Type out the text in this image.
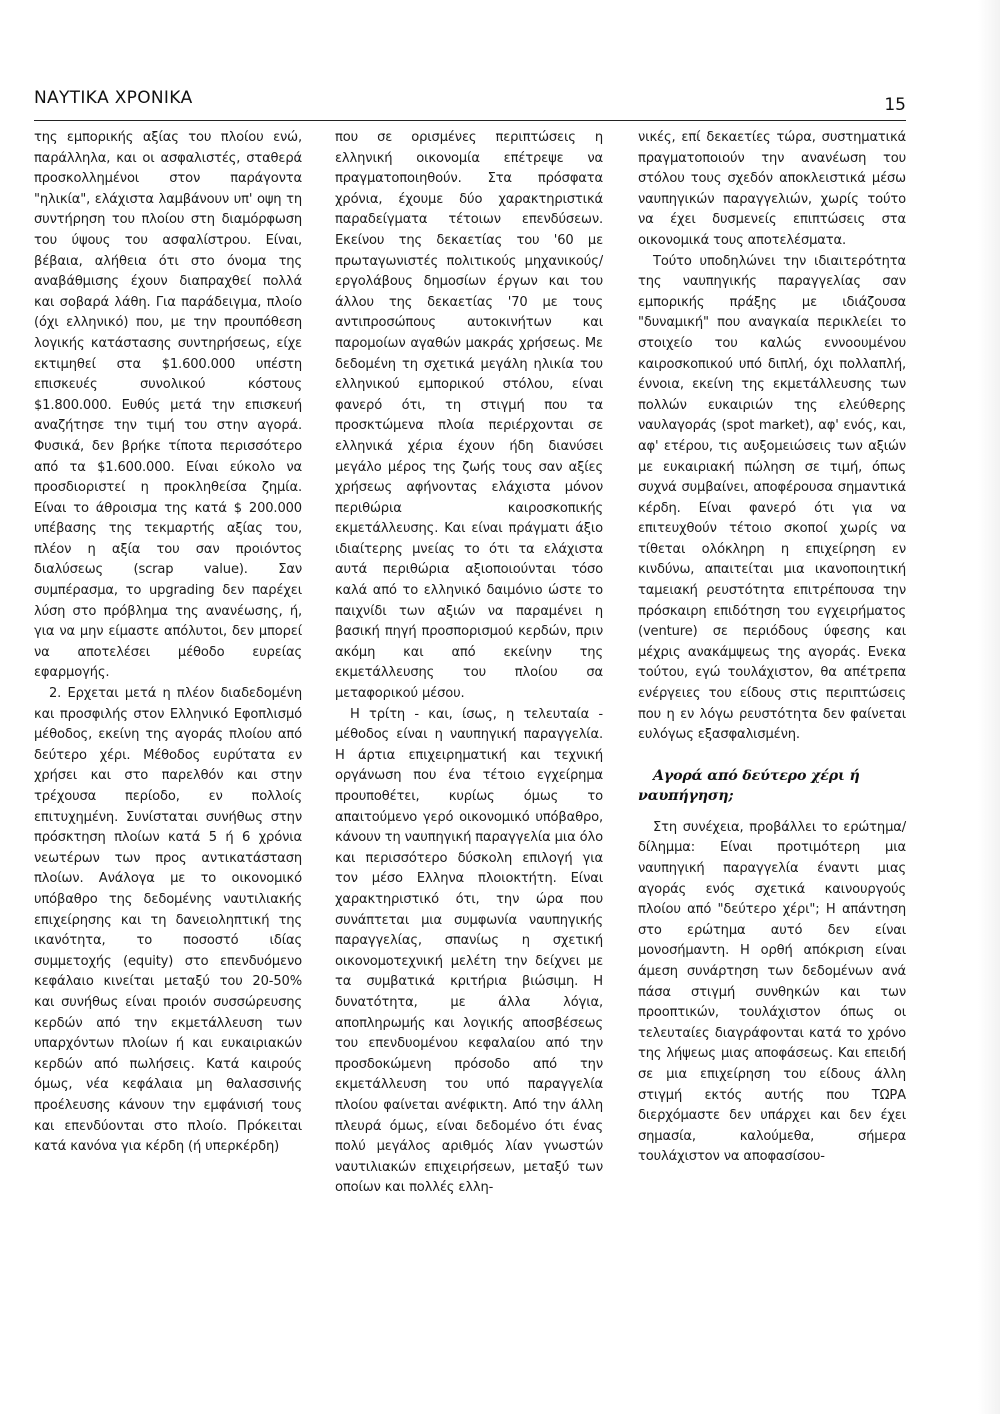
ΝΑΥΤΙΚΑ ΧΡΟΝΙΚΑ	15

της εμπορικής αξίας του πλοίου ενώ, παράλληλα, και οι ασφαλιστές, σταθερά προσκολλημένοι στον παράγοντα "ηλικία", ελάχιστα λαμβάνουν υπ' οψη τη συντήρηση του πλοίου στη διαμόρφωση του ύψους του ασφαλίστρου. Είναι, βέβαια, αλήθεια ότι στο όνομα της αναβάθμισης έχουν διαπραχθεί πολλά και σοβαρά λάθη. Για παράδειγμα, πλοίο (όχι ελληνικό) που, με την προυπόθεση λογικής κατάστασης συντηρήσεως, είχε εκτιμηθεί στα $1.600.000 υπέστη επισκευές συνολικού κόστους $1.800.000. Ευθύς μετά την επισκευή αναζήτησε την τιμή του στην αγορά. Φυσικά, δεν βρήκε τίποτα περισσότερο από τα $1.600.000. Είναι εύκολο να προσδιοριστεί η προκληθείσα ζημία. Είναι το άθροισμα της κατά $ 200.000 υπέβασης της τεκμαρτής αξίας του, πλέον η αξία του σαν προιόντος διαλύσεως (scrap value). Σαν συμπέρασμα, το upgrading δεν παρέχει λύση στο πρόβλημα της ανανέωσης, ή, για να μην είμαστε απόλυτοι, δεν μπορεί να αποτελέσει μέθοδο ευρείας εφαρμογής.

2. Ερχεται μετά η πλέον διαδεδομένη και προσφιλής στον Ελληνικό Εφοπλισμό μέθοδος, εκείνη της αγοράς πλοίου από δεύτερο χέρι. Μέθοδος ευρύτατα εν χρήσει και στο παρελθόν και στην τρέχουσα περίοδο, εν πολλοίς επιτυχημένη. Συνίσταται συνήθως στην πρόσκτηση πλοίων κατά 5 ή 6 χρόνια νεωτέρων των προς αντικατάσταση πλοίων. Ανάλογα με το οικονομικό υπόβαθρο της δεδομένης ναυτιλιακής επιχείρησης και τη δανειοληπτική της ικανότητα, το ποσοστό ιδίας συμμετοχής (equity) στο επενδυόμενο κεφάλαιο κινείται μεταξύ του 20-50% και συνήθως είναι προιόν συσσώρευσης κερδών από την εκμετάλλευση των υπαρχόντων πλοίων ή και ευκαιριακών κερδών από πωλήσεις. Κατά καιρούς όμως, νέα κεφάλαια μη θαλασσινής προέλευσης κάνουν την εμφάνισή τους και επενδύονται στο πλοίο. Πρόκειται κατά κανόνα για κέρδη (ή υπερκέρδη)

που σε ορισμένες περιπτώσεις η ελληνική οικονομία επέτρεψε να πραγματοποιηθούν. Στα πρόσφατα χρόνια, έχουμε δύο χαρακτηριστικά παραδείγματα τέτοιων επενδύσεων. Εκείνου της δεκαετίας του '60 με πρωταγωνιστές πολιτικούς μηχανικούς/εργολάβους δημοσίων έργων και του άλλου της δεκαετίας '70 με τους αντιπροσώπους αυτοκινήτων και παρομοίων αγαθών μακράς χρήσεως. Με δεδομένη τη σχετικά μεγάλη ηλικία του ελληνικού εμπορικού στόλου, είναι φανερό ότι, τη στιγμή που τα προσκτώμενα πλοία περιέρχονται σε ελληνικά χέρια έχουν ήδη διανύσει μεγάλο μέρος της ζωής τους σαν αξίες χρήσεως αφήνοντας ελάχιστα μόνον περιθώρια καιροσκοπικής εκμετάλλευσης. Και είναι πράγματι άξιο ιδιαίτερης μνείας το ότι τα ελάχιστα αυτά περιθώρια αξιοποιούνται τόσο καλά από το ελληνικό δαιμόνιο ώστε το παιχνίδι των αξιών να παραμένει η βασική πηγή προσπορισμού κερδών, πριν ακόμη και από εκείνην της εκμετάλλευσης του πλοίου σα μεταφορικού μέσου.

Η τρίτη - και, ίσως, η τελευταία - μέθοδος είναι η ναυπηγική παραγγελία. Η άρτια επιχειρηματική και τεχνική οργάνωση που ένα τέτοιο εγχείρημα προυποθέτει, κυρίως όμως το απαιτούμενο γερό οικονομικό υπόβαθρο, κάνουν τη ναυπηγική παραγγελία μια όλο και περισσότερο δύσκολη επιλογή για τον μέσο Ελληνα πλοιοκτήτη. Είναι χαρακτηριστικό ότι, την ώρα που συνάπτεται μια συμφωνία ναυπηγικής παραγγελίας, σπανίως η σχετική οικονομοτεχνική μελέτη την δείχνει με τα συμβατικά κριτήρια βιώσιμη. Η δυνατότητα, με άλλα λόγια, αποπληρωμής και λογικής αποσβέσεως του επενδυομένου κεφαλαίου από την προσδοκώμενη πρόσοδο από την εκμετάλλευση του υπό παραγγελία πλοίου φαίνεται ανέφικτη. Από την άλλη πλευρά όμως, είναι δεδομένο ότι ένας πολύ μεγάλος αριθμός λίαν γνωστών ναυτιλιακών επιχειρήσεων, μεταξύ των οποίων και πολλές ελλη-

νικές, επί δεκαετίες τώρα, συστηματικά πραγματοποιούν την ανανέωση του στόλου τους σχεδόν αποκλειστικά μέσω ναυπηγικών παραγγελιών, χωρίς τούτο να έχει δυσμενείς επιπτώσεις στα οικονομικά τους αποτελέσματα.

Τούτο υποδηλώνει την ιδιαιτερότητα της ναυπηγικής παραγγελίας σαν εμπορικής πράξης με ιδιάζουσα "δυναμική" που αναγκαία περικλείει το στοιχείο του καλώς εννοουμένου καιροσκοπικού υπό διπλή, όχι πολλαπλή, έννοια, εκείνη της εκμετάλλευσης των πολλών ευκαιριών της ελεύθερης ναυλαγοράς (spot market), αφ' ενός, και, αφ' ετέρου, τις αυξομειώσεις των αξιών με ευκαιριακή πώληση σε τιμή, όπως συχνά συμβαίνει, αποφέρουσα σημαντικά κέρδη. Είναι φανερό ότι για να επιτευχθούν τέτοιο σκοποί χωρίς να τίθεται ολόκληρη η επιχείρηση εν κινδύνω, απαιτείται μια ικανοποιητική ταμειακή ρευστότητα επιτρέπουσα την πρόσκαιρη επιδότηση του εγχειρήματος (venture) σε περιόδους ύφεσης και μέχρις ανακάμψεως της αγοράς. Ενεκα τούτου, εγώ τουλάχιστον, θα απέτρεπα ενέργειες του είδους στις περιπτώσεις που η εν λόγω ρευστότητα δεν φαίνεται ευλόγως εξασφαλισμένη.

Αγορά από δεύτερο χέρι ή ναυπήγηση;

Στη συνέχεια, προβάλλει το ερώτημα/δίλημμα: Είναι προτιμότερη μια ναυπηγική παραγγελία έναντι μιας αγοράς ενός σχετικά καινουργούς πλοίου από "δεύτερο χέρι"; Η απάντηση στο ερώτημα αυτό δεν είναι μονοσήμαντη. Η ορθή απόκριση είναι άμεση συνάρτηση των δεδομένων ανά πάσα στιγμή συνθηκών και των προοπτικών, τουλάχιστον όπως οι τελευταίες διαγράφονται κατά το χρόνο της λήψεως μιας αποφάσεως. Και επειδή σε μια επιχείρηση του είδους άλλη στιγμή εκτός αυτής που ΤΩΡΑ διερχόμαστε δεν υπάρχει και δεν έχει σημασία, καλούμεθα, σήμερα τουλάχιστον να αποφασίσου-
